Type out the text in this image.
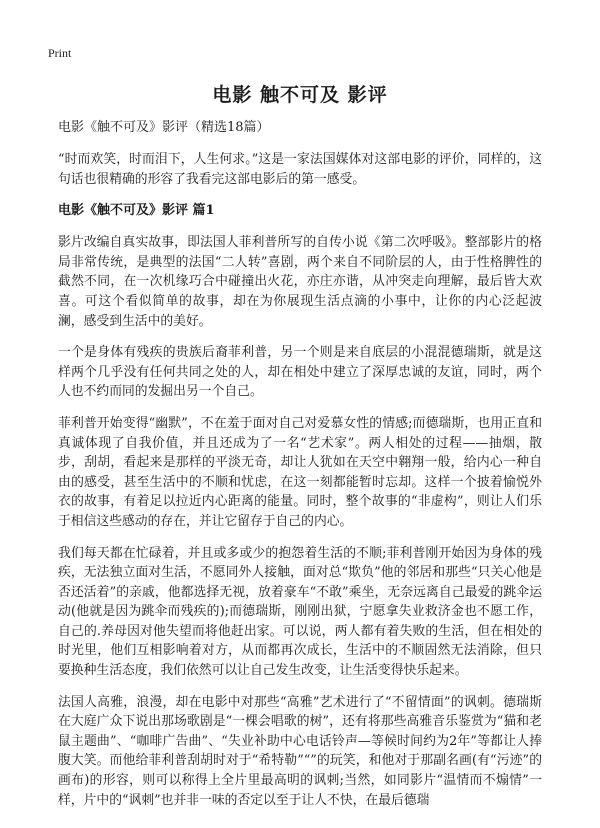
Print
电影 触不可及 影评

电影《触不可及》影评（精选18篇）

“时而欢笑，时而泪下，人生何求。”这是一家法国媒体对这部电影的评价，同样的，这句话也很精确的形容了我看完这部电影后的第一感受。

电影《触不可及》影评 篇1

影片改编自真实故事，即法国人菲利普所写的自传小说《第二次呼吸》。整部影片的格局非常传统，是典型的法国“二人转”喜剧，两个来自不同阶层的人，由于性格脾性的截然不同，在一次机缘巧合中碰撞出火花，亦庄亦谐，从冲突走向理解，最后皆大欢喜。可这个看似简单的故事，却在为你展现生活点滴的小事中，让你的内心泛起波澜，感受到生活中的美好。

一个是身体有残疾的贵族后裔菲利普，另一个则是来自底层的小混混德瑞斯，就是这样两个几乎没有任何共同之处的人，却在相处中建立了深厚忠诚的友谊，同时，两个人也不约而同的发掘出另一个自己。

菲利普开始变得“幽默”，不在羞于面对自己对爱慕女性的情感;而德瑞斯，也用正直和真诚体现了自我价值，并且还成为了一名“艺术家”。两人相处的过程——抽烟，散步，刮胡，看起来是那样的平淡无奇，却让人犹如在天空中翱翔一般，给内心一种自由的感受，甚至生活中的不顺和忧虑，在这一刻都能暂时忘却。这样一个披着愉悦外衣的故事，有着足以拉近内心距离的能量。同时，整个故事的“非虚构”，则让人们乐于相信这些感动的存在，并让它留存于自己的内心。

我们每天都在忙碌着，并且或多或少的抱怨着生活的不顺;菲利普刚开始因为身体的残疾，无法独立面对生活，不愿同外人接触，面对总“欺负”他的邻居和那些“只关心他是否还活着”的亲戚，他都选择无视，放着豪车“不敢”乘坐，无奈远离自己最爱的跳伞运动(他就是因为跳伞而残疾的);而德瑞斯，刚刚出狱，宁愿拿失业救济金也不愿工作，自己的.养母因对他失望而将他赶出家。可以说，两人都有着失败的生活，但在相处的时光里，他们互相影响着对方，从而都再次成长，生活中的不顺固然无法消除，但只要换种生活态度，我们依然可以让自己发生改变，让生活变得快乐起来。

法国人高雅，浪漫，却在电影中对那些“高雅”艺术进行了“不留情面”的讽刺。德瑞斯在大庭广众下说出那场歌剧是“一棵会唱歌的树”，还有将那些高雅音乐鉴赏为“猫和老鼠主题曲”、“咖啡广告曲”、“失业补助中心电话铃声—等候时间约为2年”等都让人捧腹大笑。而他给菲利普刮胡时对于“希特勒”“”的玩笑，和他对于那副名画(有“污迹”的画布)的形容，则可以称得上全片里最高明的讽刺;当然，如同影片“温情而不煽情”一样，片中的“讽刺”也并非一味的否定以至于让人不快，在最后德瑞
